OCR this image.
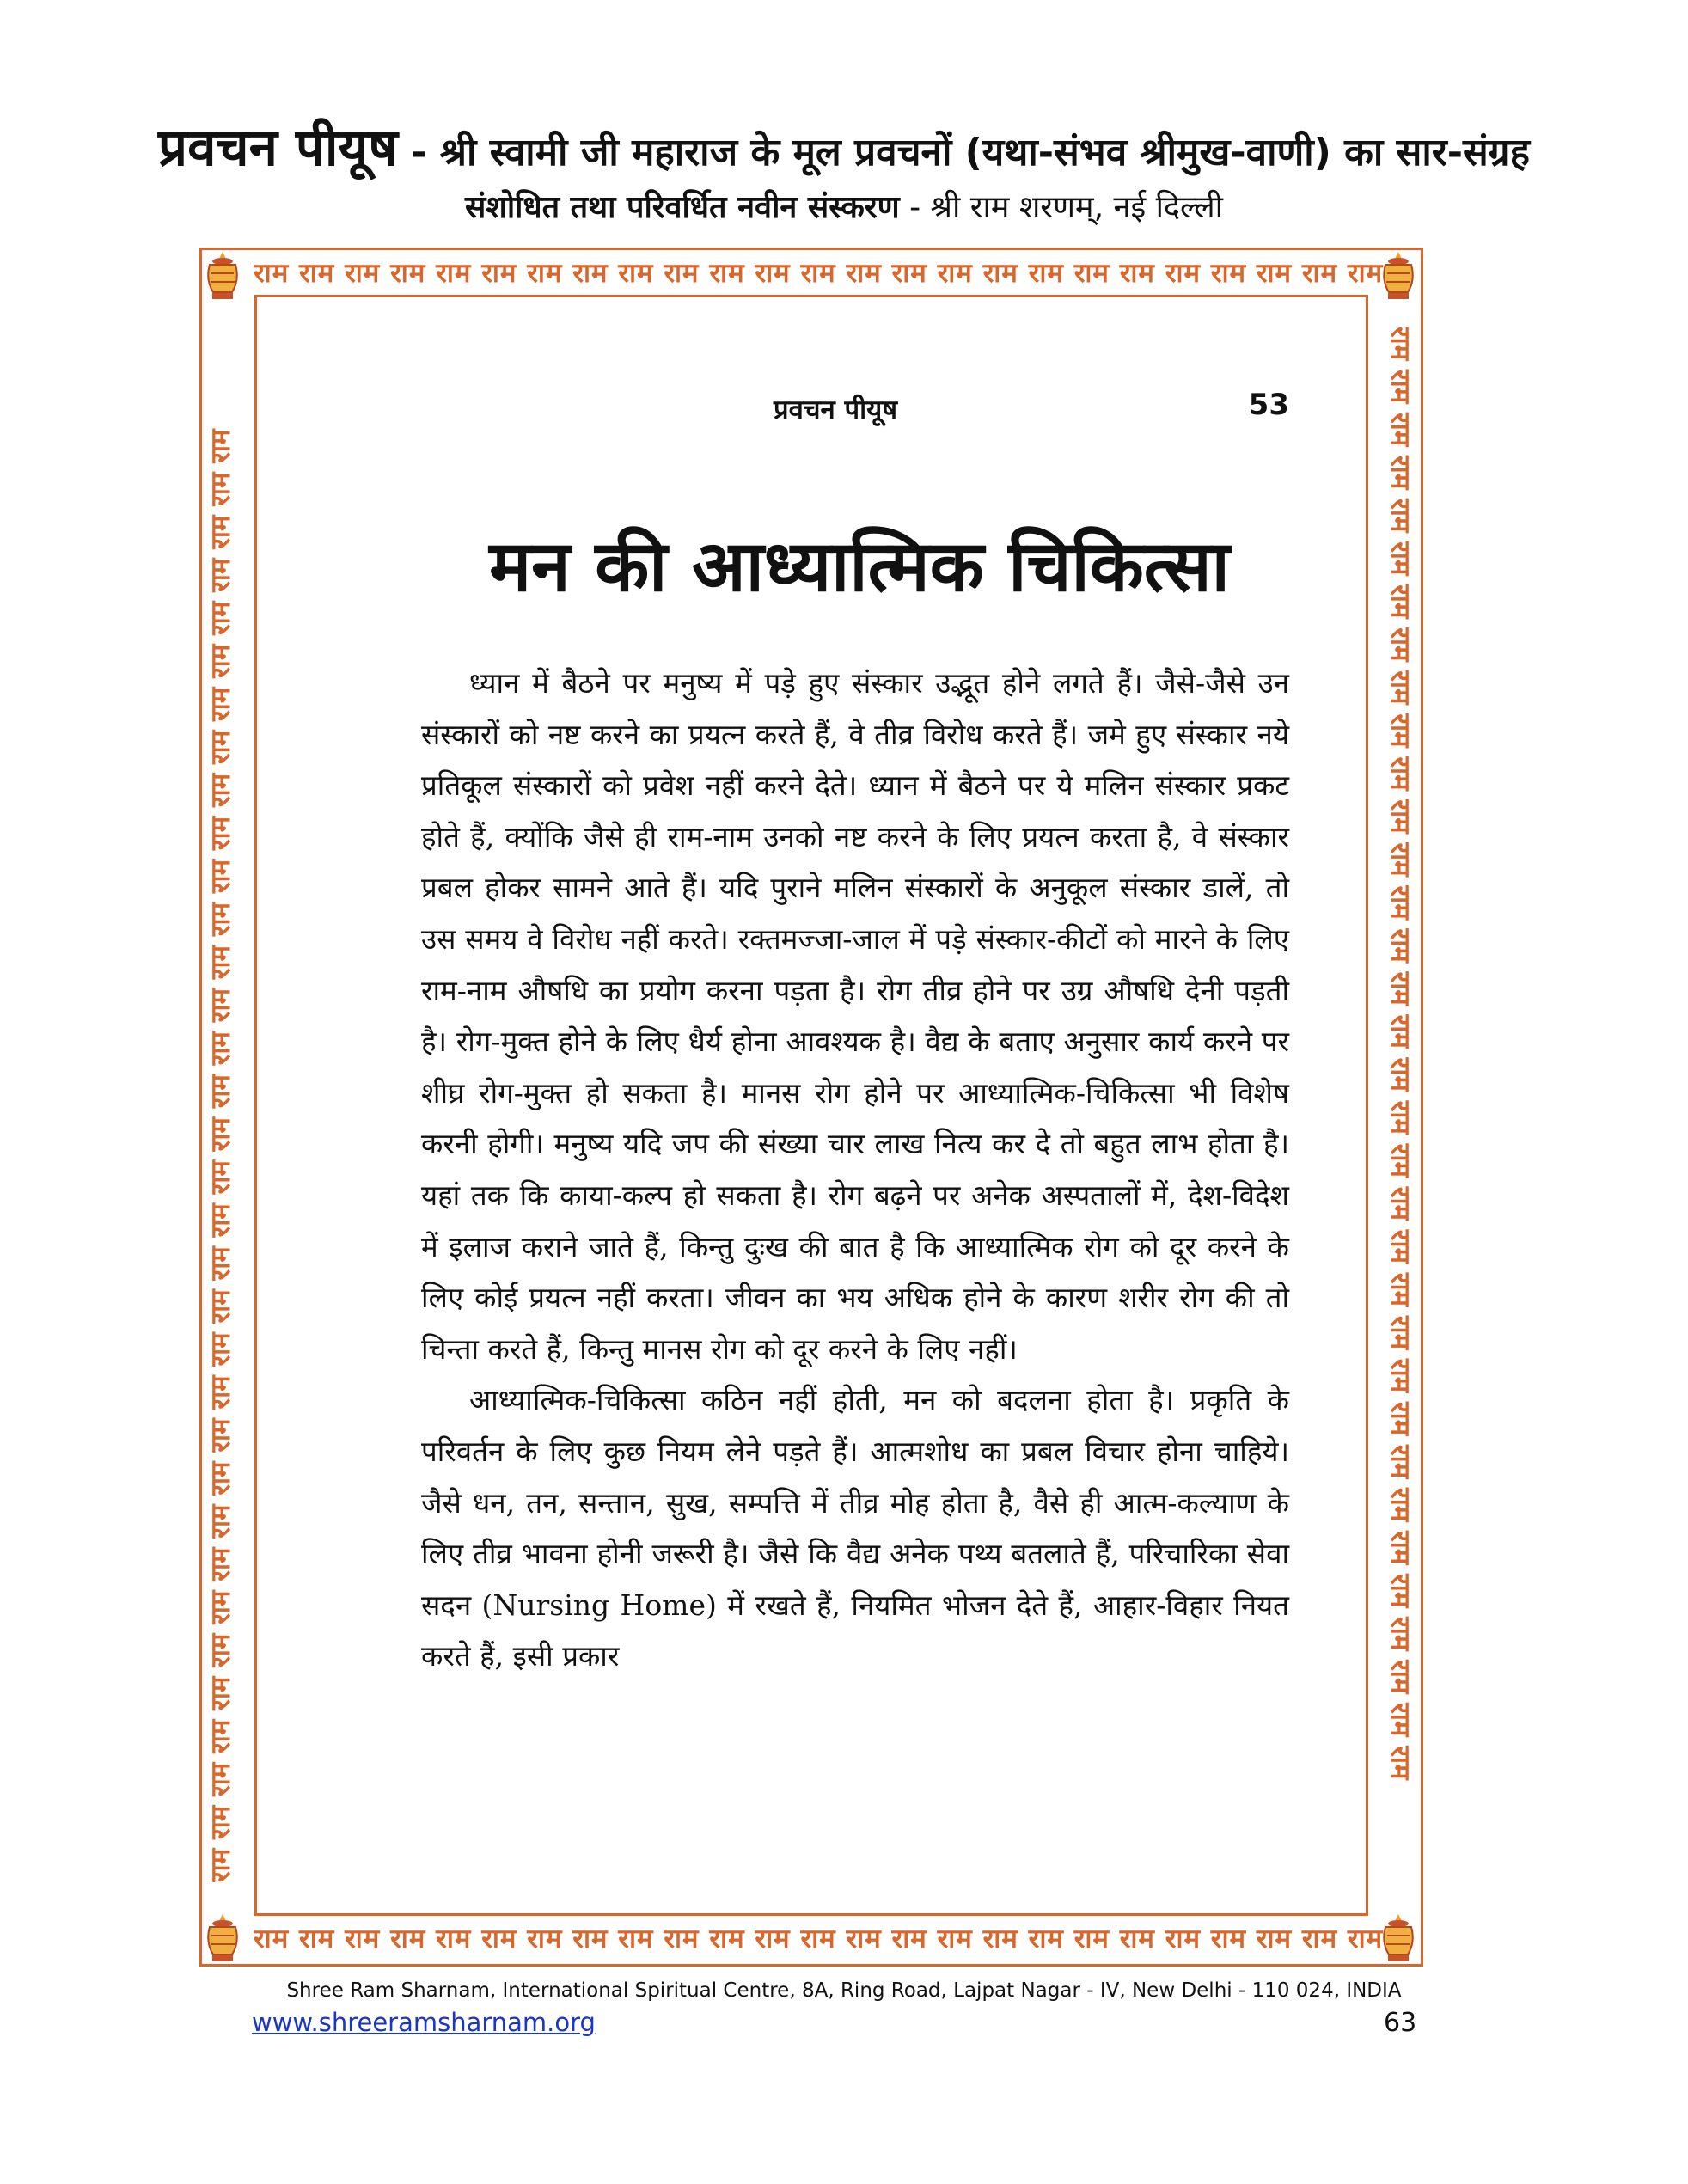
प्रवचन पीयूष - श्री स्वामी जी महाराज के मूल प्रवचनों (यथा-संभव श्रीमुख-वाणी) का सार-संग्रह
संशोधित तथा परिवर्धित नवीन संस्करण - श्री राम शरणम्, नई दिल्ली
राम राम राम राम राम राम राम राम राम राम राम राम राम राम राम राम राम राम राम राम राम राम राम राम राम
राम राम राम राम राम राम राम राम राम राम राम राम राम राम राम राम राम राम राम राम राम राम राम राम राम
राम राम राम राम राम राम राम राम राम राम राम राम राम राम राम राम राम राम राम राम राम राम राम राम राम राम राम राम राम राम राम राम राम राम	राम राम राम राम राम राम राम राम राम राम राम राम राम राम राम राम राम राम राम राम राम राम राम राम राम राम राम राम राम राम राम राम राम राम
प्रवचन पीयूष	53
मन की आध्यात्मिक चिकित्सा

ध्यान में बैठने पर मनुष्य में पड़े हुए संस्कार उद्भूत होने लगते हैं। जैसे-जैसे उन संस्कारों को नष्ट करने का प्रयत्न करते हैं, वे तीव्र विरोध करते हैं। जमे हुए संस्कार नये प्रतिकूल संस्कारों को प्रवेश नहीं करने देते। ध्यान में बैठने पर ये मलिन संस्कार प्रकट होते हैं, क्योंकि जैसे ही राम-नाम उनको नष्ट करने के लिए प्रयत्न करता है, वे संस्कार प्रबल होकर सामने आते हैं। यदि पुराने मलिन संस्कारों के अनुकूल संस्कार डालें, तो उस समय वे विरोध नहीं करते। रक्तमज्जा-जाल में पड़े संस्कार-कीटों को मारने के लिए राम-नाम औषधि का प्रयोग करना पड़ता है। रोग तीव्र होने पर उग्र औषधि देनी पड़ती है। रोग-मुक्त होने के लिए धैर्य होना आवश्यक है। वैद्य के बताए अनुसार कार्य करने पर शीघ्र रोग-मुक्त हो सकता है। मानस रोग होने पर आध्यात्मिक-चिकित्सा भी विशेष करनी होगी। मनुष्य यदि जप की संख्या चार लाख नित्य कर दे तो बहुत लाभ होता है। यहां तक कि काया-कल्प हो सकता है। रोग बढ़ने पर अनेक अस्पतालों में, देश-विदेश में इलाज कराने जाते हैं, किन्तु दुःख की बात है कि आध्यात्मिक रोग को दूर करने के लिए कोई प्रयत्न नहीं करता। जीवन का भय अधिक होने के कारण शरीर रोग की तो चिन्ता करते हैं, किन्तु मानस रोग को दूर करने के लिए नहीं।

आध्यात्मिक-चिकित्सा कठिन नहीं होती, मन को बदलना होता है। प्रकृति के परिवर्तन के लिए कुछ नियम लेने पड़ते हैं। आत्मशोध का प्रबल विचार होना चाहिये। जैसे धन, तन, सन्तान, सुख, सम्पत्ति में तीव्र मोह होता है, वैसे ही आत्म-कल्याण के लिए तीव्र भावना होनी जरूरी है। जैसे कि वैद्य अनेक पथ्य बतलाते हैं, परिचारिका सेवा सदन (Nursing Home) में रखते हैं, नियमित भोजन देते हैं, आहार-विहार नियत करते हैं, इसी प्रकार

Shree Ram Sharnam, International Spiritual Centre, 8A, Ring Road, Lajpat Nagar - IV, New Delhi - 110 024, INDIA
www.shreeramsharnam.org	63
